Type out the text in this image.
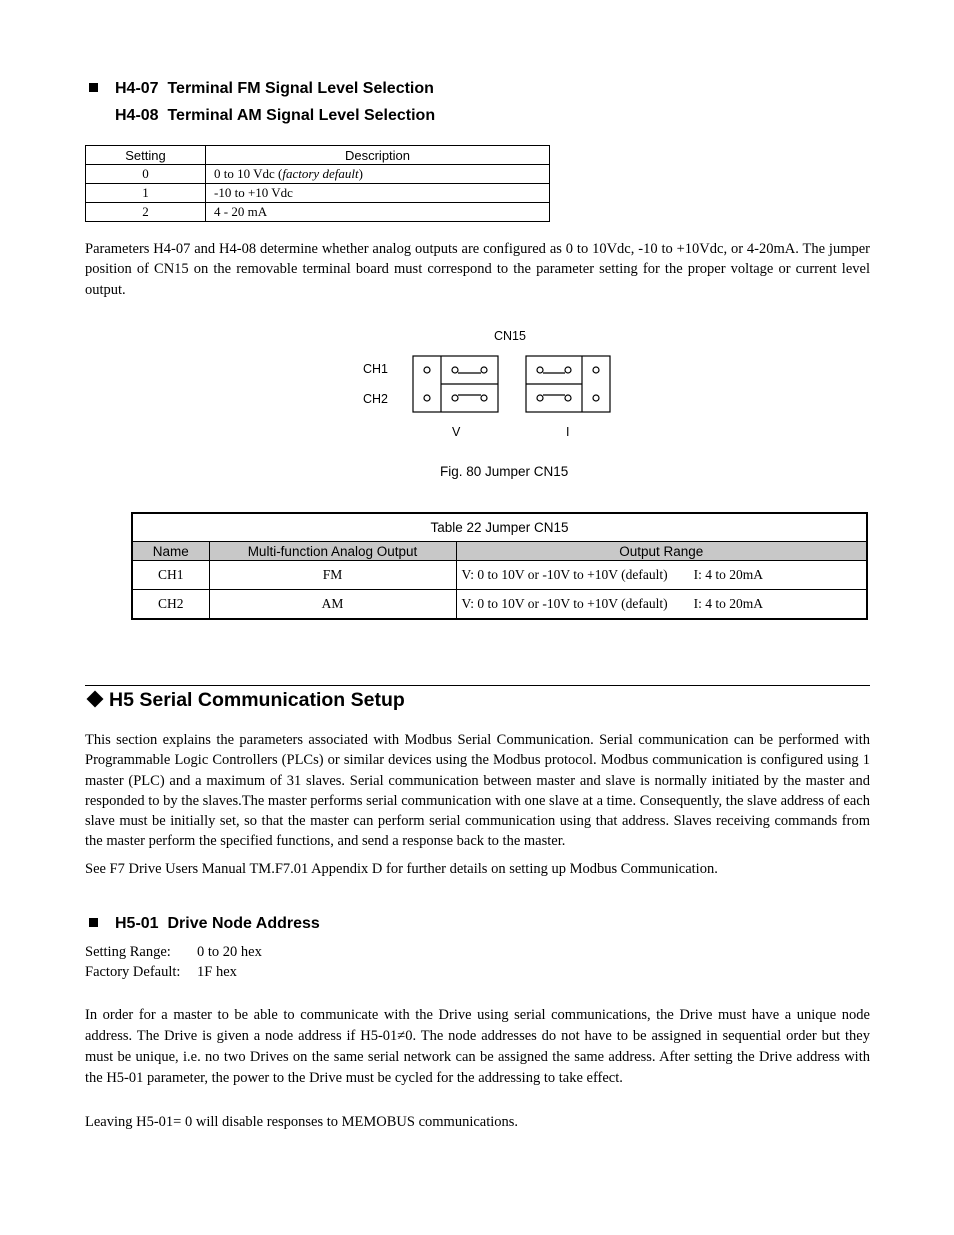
H4-07 Terminal FM Signal Level Selection
H4-08 Terminal AM Signal Level Selection
Setting	Description
0	0 to 10 Vdc (factory default)
1	-10 to +10 Vdc
2	4 - 20 mA

Parameters H4-07 and H4-08 determine whether analog outputs are configured as 0 to 10Vdc, -10 to +10Vdc, or 4-20mA. The jumper position of CN15 on the removable terminal board must correspond to the parameter setting for the proper voltage or current level output.

CN15
CH1
CH2
V	I
Fig. 80 Jumper CN15
Table 22 Jumper CN15		
Name	Multi-function Analog Output	Output Range
CH1	FM	V: 0 to 10V or -10V to +10V (default) I: 4 to 20mA
CH2	AM	V: 0 to 10V or -10V to +10V (default) I: 4 to 20mA
H5 Serial Communication Setup

This section explains the parameters associated with Modbus Serial Communication. Serial communication can be performed with Programmable Logic Controllers (PLCs) or similar devices using the Modbus protocol. Modbus communication is configured using 1 master (PLC) and a maximum of 31 slaves. Serial communication between master and slave is normally initiated by the master and responded to by the slaves.The master performs serial communication with one slave at a time. Consequently, the slave address of each slave must be initially set, so that the master can perform serial communication using that address. Slaves receiving commands from the master perform the specified functions, and send a response back to the master.

See F7 Drive Users Manual TM.F7.01 Appendix D for further details on setting up Modbus Communication.

H5-01 Drive Node Address
Setting Range: 0 to 20 hex
Factory Default: 1F hex

In order for a master to be able to communicate with the Drive using serial communications, the Drive must have a unique node address. The Drive is given a node address if H5-01≠0. The node addresses do not have to be assigned in sequential order but they must be unique, i.e. no two Drives on the same serial network can be assigned the same address. After setting the Drive address with the H5-01 parameter, the power to the Drive must be cycled for the addressing to take effect.

Leaving H5-01= 0 will disable responses to MEMOBUS communications.
